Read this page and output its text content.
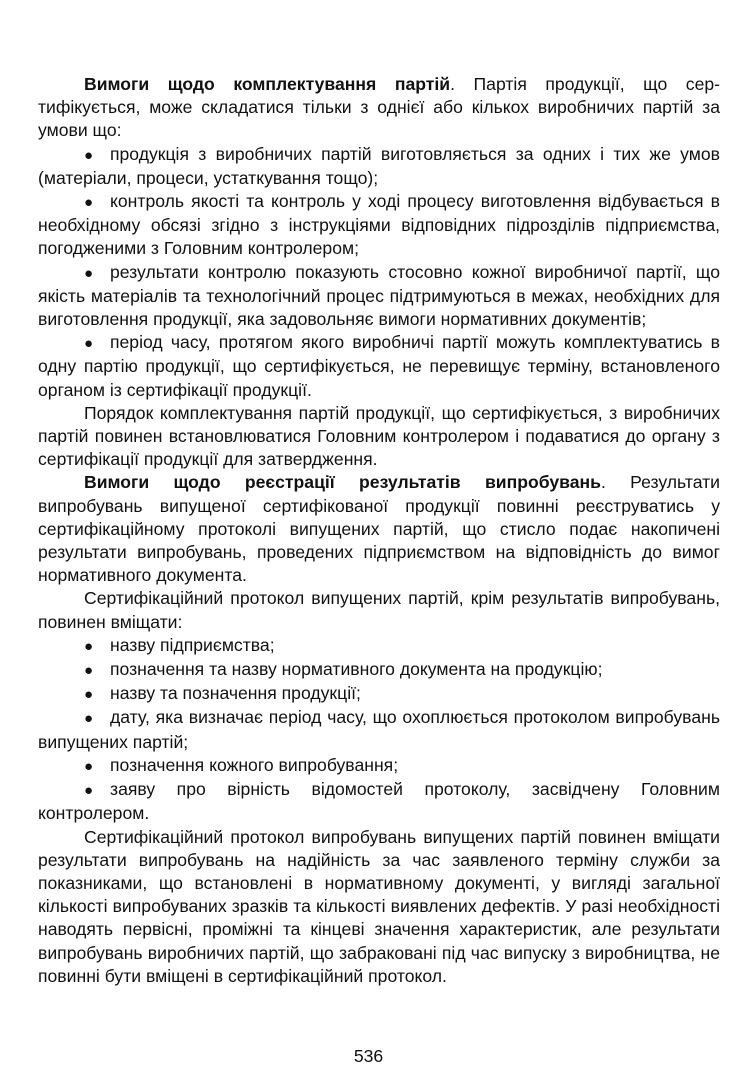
Вимоги щодо комплектування партій. Партія продукції, що сертифікується, може складатися тільки з однієї або кількох виробничих партій за умови що:

● продукція з виробничих партій виготовляється за одних і тих же умов (матеріали, процеси, устаткування тощо);
● контроль якості та контроль у ході процесу виготовлення відбувається в необхідному обсязі згідно з інструкціями відповідних підрозділів підприємства, погодженими з Головним контролером;
● результати контролю показують стосовно кожної виробничої партії, що якість матеріалів та технологічний процес підтримуються в межах, необхідних для виготовлення продукції, яка задовольняє вимоги нормативних документів;
● період часу, протягом якого виробничі партії можуть комплектуватись в одну партію продукції, що сертифікується, не перевищує терміну, встановленого органом із сертифікації продукції.

Порядок комплектування партій продукції, що сертифікується, з виробничих партій повинен встановлюватися Головним контролером і подаватися до органу з сертифікації продукції для затвердження.

Вимоги щодо реєстрації результатів випробувань. Результати випробувань випущеної сертифікованої продукції повинні реєструватись у сертифікаційному протоколі випущених партій, що стисло подає накопичені результати випробувань, проведених підприємством на відповідність до вимог нормативного документа.

Сертифікаційний протокол випущених партій, крім результатів випробувань, повинен вміщати:

● назву підприємства;
● позначення та назву нормативного документа на продукцію;
● назву та позначення продукції;
● дату, яка визначає період часу, що охоплюється протоколом випробувань випущених партій;
● позначення кожного випробування;
● заяву про вірність відомостей протоколу, засвідчену Головним контролером.

Сертифікаційний протокол випробувань випущених партій повинен вміщати результати випробувань на надійність за час заявленого терміну служби за показниками, що встановлені в нормативному документі, у вигляді загальної кількості випробуваних зразків та кількості виявлених дефектів. У разі необхідності наводять первісні, проміжні та кінцеві значення характеристик, але результати випробувань виробничих партій, що забраковані під час випуску з виробництва, не повинні бути вміщені в сертифікаційний протокол.

536
